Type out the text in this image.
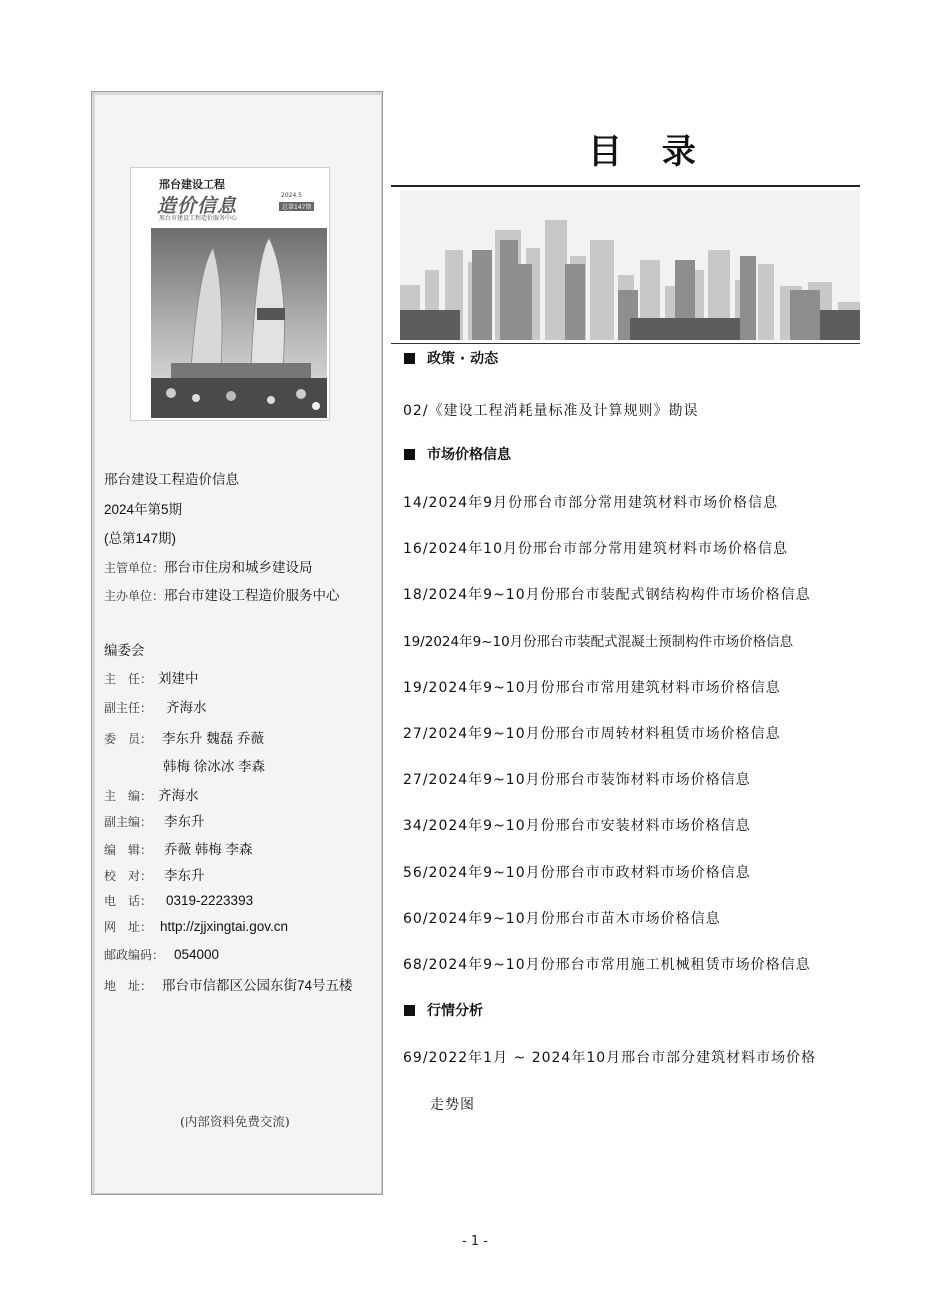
邢台建设工程
造价信息
邢台市建设工程造价服务中心
2024.5
总第147期
邢台建设工程造价信息
2024年第5期
(总第147期)
主管单位：邢台市住房和城乡建设局
主办单位：邢台市建设工程造价服务中心
编委会
主　任： 刘建中
副主任： 齐海水
委　员： 李东升 魏磊 乔薇
韩梅 徐冰冰 李森
主　编： 齐海水
副主编： 李东升
编　辑： 乔薇 韩梅 李森
校　对： 李东升
电　话： 0319-2223393
网　址： http://zjjxingtai.gov.cn
邮政编码： 054000
地　址： 邢台市信都区公园东街74号五楼
(内部资料免费交流)
目 录
政策 · 动态
02/《建设工程消耗量标准及计算规则》勘误
市场价格信息
14/2024年9月份邢台市部分常用建筑材料市场价格信息
16/2024年10月份邢台市部分常用建筑材料市场价格信息
18/2024年9~10月份邢台市装配式钢结构构件市场价格信息
19/2024年9~10月份邢台市装配式混凝土预制构件市场价格信息
19/2024年9~10月份邢台市常用建筑材料市场价格信息
27/2024年9~10月份邢台市周转材料租赁市场价格信息
27/2024年9~10月份邢台市装饰材料市场价格信息
34/2024年9~10月份邢台市安装材料市场价格信息
56/2024年9~10月份邢台市市政材料市场价格信息
60/2024年9~10月份邢台市苗木市场价格信息
68/2024年9~10月份邢台市常用施工机械租赁市场价格信息
行情分析
69/2022年1月 ~ 2024年10月邢台市部分建筑材料市场价格
走势图
- 1 -
